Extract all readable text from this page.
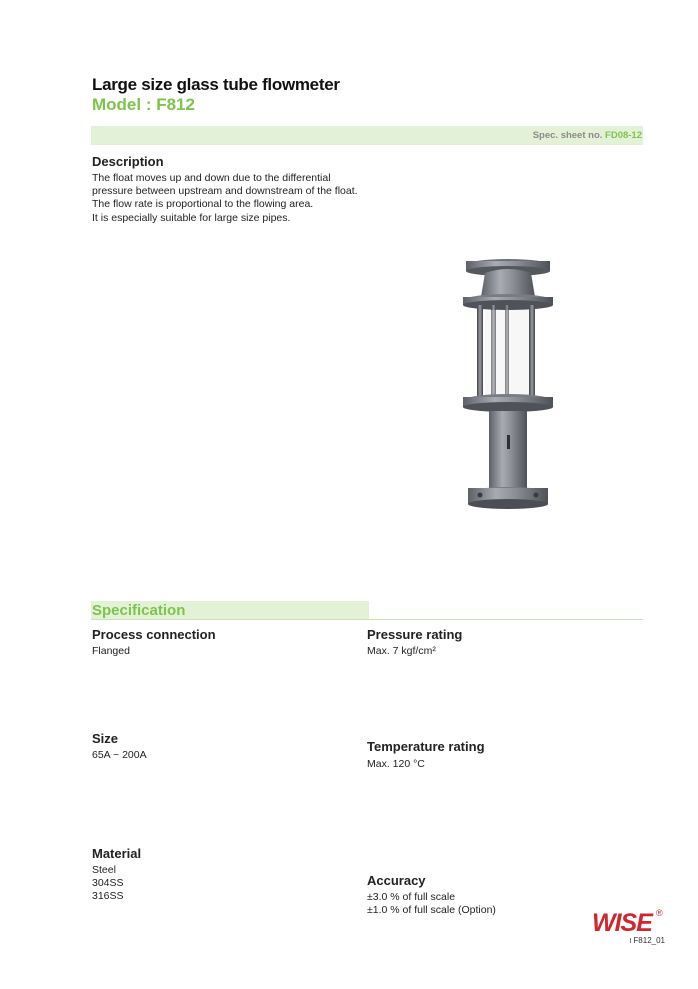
Large size glass tube flowmeter
Model : F812
Spec. sheet no. FD08-12
Description
The float moves up and down due to the differential
pressure between upstream and downstream of the float.
The flow rate is proportional to the flowing area.
It is especially suitable for large size pipes.
Specification
Process connection
Flanged
Size
65A ~ 200A
Material
Steel
304SS
316SS
Pressure rating
Max. 7 kgf/cm²
Temperature rating
Max. 120 °C
Accuracy
±3.0 % of full scale
±1.0 % of full scale (Option)	WISE ®
I F812_01
